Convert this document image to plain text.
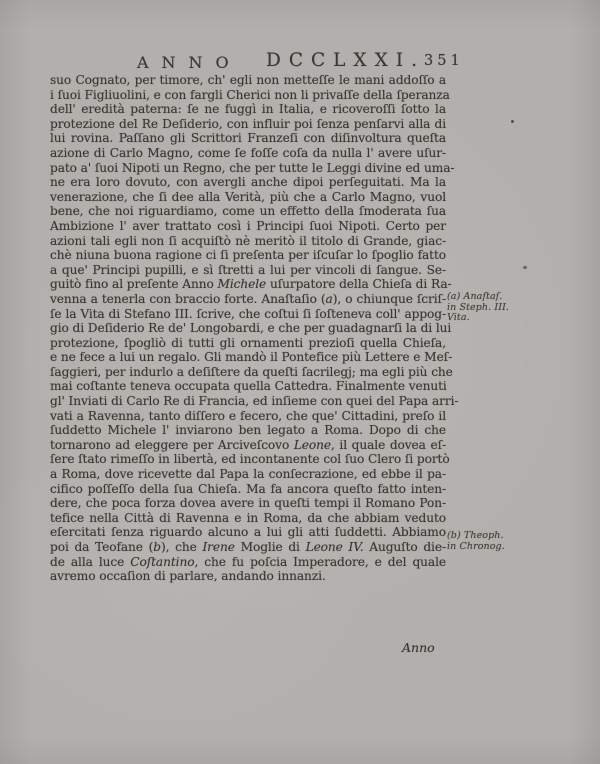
ANNO DCCLXXI. 351
suo Cognato, per timore, ch' egli non metteſſe le mani addoſſo a
i ſuoi Figliuolini, e con fargli Cherici non li privaſſe della ſperanza
dell' eredità paterna: ſe ne fuggì in Italia, e ricoveroſſi ſotto la
protezione del Re Deſiderio, con influir poi ſenza penſarvi alla di
lui rovina. Paſſano gli Scrittori Franzeſi con diſinvoltura queſta
azione di Carlo Magno, come ſe foſſe coſa da nulla l' avere uſur-
pato a' ſuoi Nipoti un Regno, che per tutte le Leggi divine ed uma-
ne era loro dovuto, con avergli anche dipoi perſeguitati. Ma la
venerazione, che ſi dee alla Verità, più che a Carlo Magno, vuol
bene, che noi riguardiamo, come un effetto della ſmoderata ſua
Ambizione l' aver trattato così i Principi ſuoi Nipoti. Certo per
azioni tali egli non ſi acquiſtò nè meritò il titolo di Grande, giac-
chè niuna buona ragione ci ſi preſenta per iſcuſar lo ſpoglio fatto
a que' Principi pupilli, e sì ſtretti a lui per vincoli di ſangue. Se-
guitò fino al preſente Anno Michele uſurpatore della Chieſa di Ra-
venna a tenerla con braccio forte. Anaſtaſio (a), o chiunque ſcriſ-
ſe la Vita di Stefano III. ſcrive, che coſtui ſi ſoſteneva coll' appog-
gio di Deſiderio Re de' Longobardi, e che per guadagnarſi la di lui
protezione, ſpogliò di tutti gli ornamenti prezioſi quella Chieſa,
e ne fece a lui un regalo. Gli mandò il Pontefice più Lettere e Meſ-
ſaggieri, per indurlo a deſiſtere da queſti ſacrilegj; ma egli più che
mai coſtante teneva occupata quella Cattedra. Finalmente venuti
gl' Inviati di Carlo Re di Francia, ed inſieme con quei del Papa arri-
vati a Ravenna, tanto diſſero e fecero, che que' Cittadini, preſo il
ſuddetto Michele l' inviarono ben legato a Roma. Dopo di che
tornarono ad eleggere per Arciveſcovo Leone, il quale dovea eſ-
ſere ſtato rimeſſo in libertà, ed incontanente col ſuo Clero ſi portò
a Roma, dove ricevette dal Papa la conſecrazione, ed ebbe il pa-
cifico poſſeſſo della ſua Chieſa. Ma fa ancora queſto fatto inten-
dere, che poca forza dovea avere in queſti tempi il Romano Pon-
tefice nella Città di Ravenna e in Roma, da che abbiam veduto
eſercitati ſenza riguardo alcuno a lui gli atti ſuddetti. Abbiamo
poi da Teofane (b), che Irene Moglie di Leone IV. Auguſto die-
de alla luce Coſtantino, che fu poſcia Imperadore, e del quale
avremo occaſion di parlare, andando innanzi.
(a) Anaſtaſ.
in Steph. III.
Vita.
(b) Theoph.
in Chronog.
Anno
